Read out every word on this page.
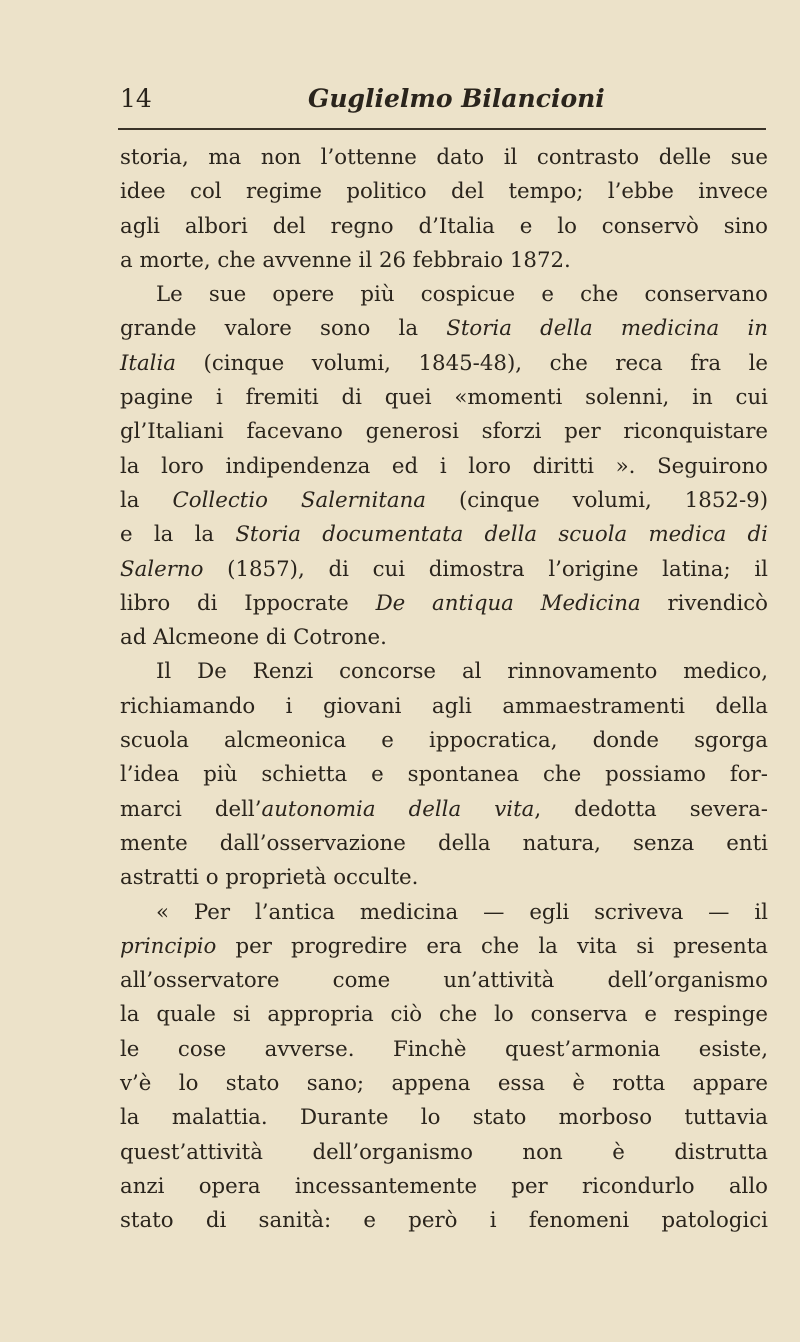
14	Guglielmo Bilancioni
storia, ma non l’ottenne dato il contrasto delle sue
idee col regime politico del tempo; l’ebbe invece
agli albori del regno d’Italia e lo conservò sino
a morte, che avvenne il 26 febbraio 1872.
Le sue opere più cospicue e che conservano
grande valore sono la Storia della medicina in
Italia (cinque volumi, 1845-48), che reca fra le
pagine i fremiti di quei «momenti solenni, in cui
gl’Italiani facevano generosi sforzi per riconquistare
la loro indipendenza ed i loro diritti ». Seguirono
la Collectio Salernitana (cinque volumi, 1852-9)
e la la Storia documentata della scuola medica di
Salerno (1857), di cui dimostra l’origine latina; il
libro di Ippocrate De antiqua Medicina rivendicò
ad Alcmeone di Cotrone.
Il De Renzi concorse al rinnovamento medico,
richiamando i giovani agli ammaestramenti della
scuola alcmeonica e ippocratica, donde sgorga
l’idea più schietta e spontanea che possiamo for-
marci dell’autonomia della vita, dedotta severa-
mente dall’osservazione della natura, senza enti
astratti o proprietà occulte.
« Per l’antica medicina — egli scriveva — il
principio per progredire era che la vita si presenta
all’osservatore come un’attività dell’organismo
la quale si appropria ciò che lo conserva e respinge
le cose avverse. Finchè quest’armonia esiste,
v’è lo stato sano; appena essa è rotta appare
la malattia. Durante lo stato morboso tuttavia
quest’attività dell’organismo non è distrutta
anzi opera incessantemente per ricondurlo allo
stato di sanità: e però i fenomeni patologici
